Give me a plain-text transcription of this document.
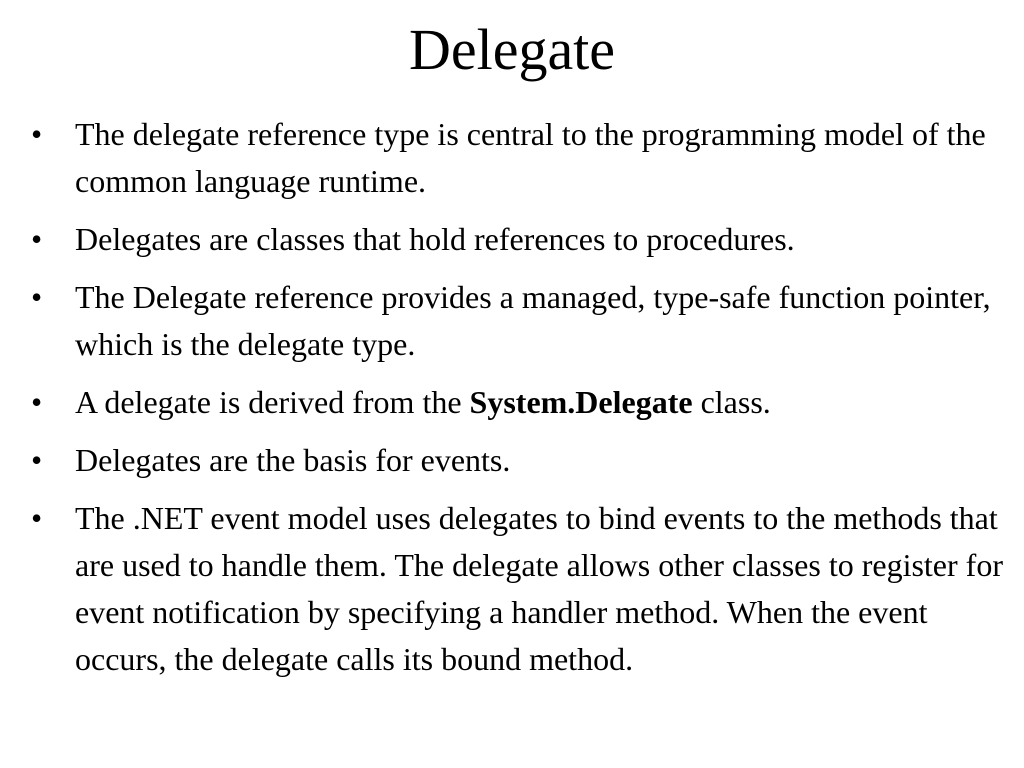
Delegate
• The delegate reference type is central to the programming model of the common language runtime.
• Delegates are classes that hold references to procedures.
• The Delegate reference provides a managed, type-safe function pointer, which is the delegate type.
• A delegate is derived from the System.Delegate class.
• Delegates are the basis for events.
• The .NET event model uses delegates to bind events to the methods that are used to handle them. The delegate allows other classes to register for event notification by specifying a handler method. When the event occurs, the delegate calls its bound method.
